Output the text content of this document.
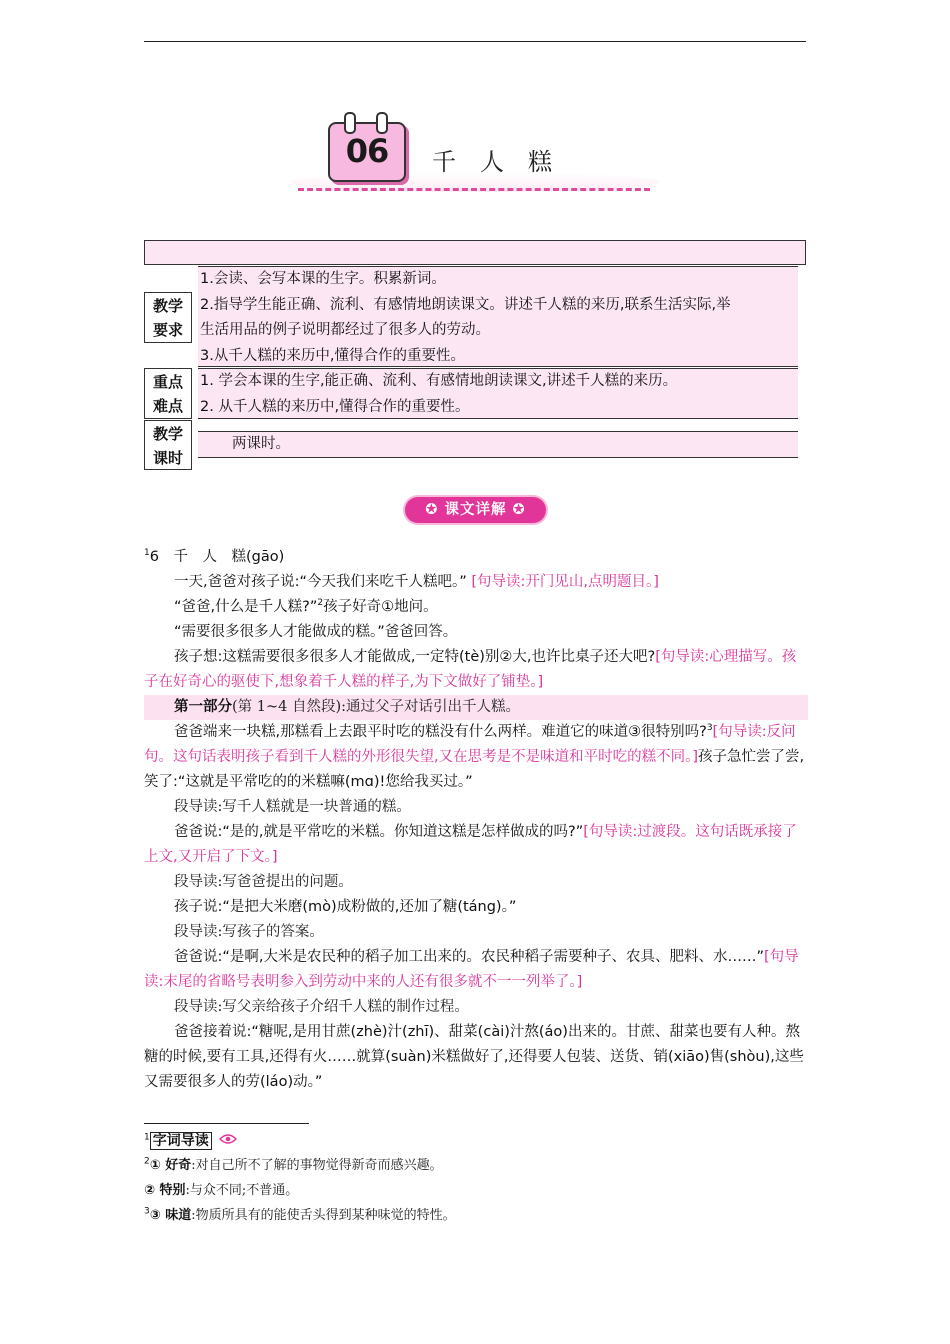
06	千人糕
教学
要求
1.会读、会写本课的生字。积累新词。
2.指导学生能正确、流利、有感情地朗读课文。讲述千人糕的来历,联系生活实际,举
生活用品的例子说明都经过了很多人的劳动。
3.从千人糕的来历中,懂得合作的重要性。
重点
难点
1. 学会本课的生字,能正确、流利、有感情地朗读课文,讲述千人糕的来历。
2. 从千人糕的来历中,懂得合作的重要性。
教学
课时
两课时。
✪ 课文详解 ✪
$^1$6　千　人　糕(gāo)
一天,爸爸对孩子说:“今天我们来吃千人糕吧。” [句导读:开门见山,点明题目。]
“爸爸,什么是千人糕?”$^2$孩子好奇①地问。
“需要很多很多人才能做成的糕。”爸爸回答。
孩子想:这糕需要很多很多人才能做成,一定特(tè)别②大,也许比桌子还大吧?[句导读:心理描写。孩子在好奇心的驱使下,想象着千人糕的样子,为下文做好了铺垫。]
第一部分(第 1~4 自然段):通过父子对话引出千人糕。
爸爸端来一块糕,那糕看上去跟平时吃的糕没有什么两样。难道它的味道③很特别吗?$^3$[句导读:反问句。这句话表明孩子看到千人糕的外形很失望,又在思考是不是味道和平时吃的糕不同。]孩子急忙尝了尝,笑了:“这就是平常吃的的米糕嘛(mɑ)!您给我买过。”
段导读:写千人糕就是一块普通的糕。
爸爸说:“是的,就是平常吃的米糕。你知道这糕是怎样做成的吗?”[句导读:过渡段。这句话既承接了上文,又开启了下文。]
段导读:写爸爸提出的问题。
孩子说:“是把大米磨(mò)成粉做的,还加了糖(táng)。”
段导读:写孩子的答案。
爸爸说:“是啊,大米是农民种的稻子加工出来的。农民种稻子需要种子、农具、肥料、水……”[句导读:末尾的省略号表明参入到劳动中来的人还有很多就不一一列举了。]
段导读:写父亲给孩子介绍千人糕的制作过程。
爸爸接着说:“糖呢,是用甘蔗(zhè)汁(zhī)、甜菜(cài)汁熬(áo)出来的。甘蔗、甜菜也要有人种。熬糖的时候,要有工具,还得有火……就算(suàn)米糕做好了,还得要人包装、送货、销(xiāo)售(shòu),这些又需要很多人的劳(láo)动。”
$^1$ 字词导读
$^2$① 好奇:对自己所不了解的事物觉得新奇而感兴趣。
② 特别:与众不同;不普通。
$^3$③ 味道:物质所具有的能使舌头得到某种味觉的特性。
